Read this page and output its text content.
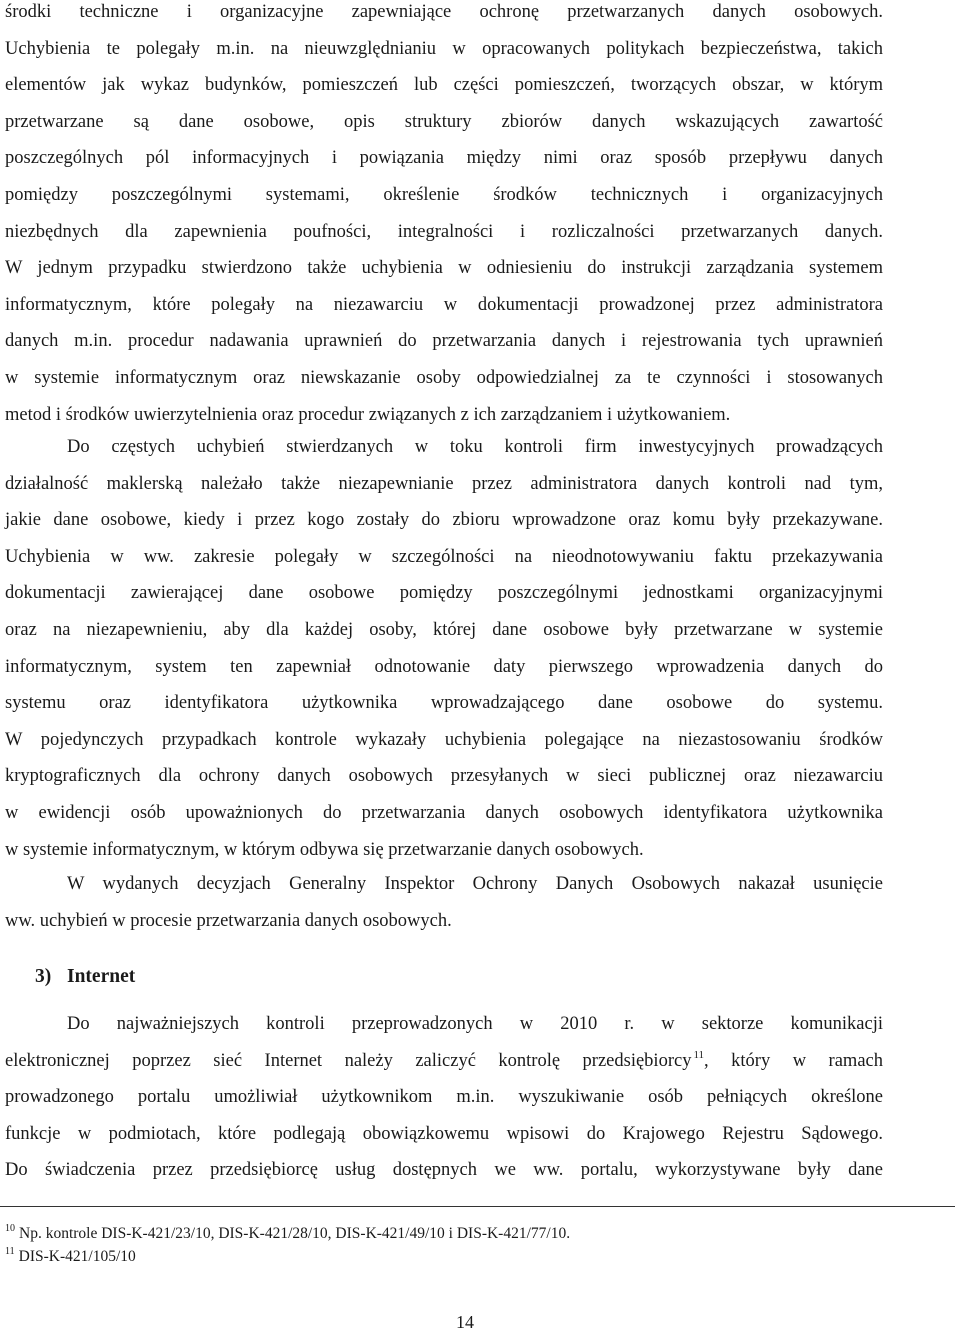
środki techniczne i organizacyjne zapewniające ochronę przetwarzanych danych osobowych.
Uchybienia te polegały m.in. na nieuwzględnianiu w opracowanych politykach bezpieczeństwa, takich
elementów jak wykaz budynków, pomieszczeń lub części pomieszczeń, tworzących obszar, w którym
przetwarzane są dane osobowe, opis struktury zbiorów danych wskazujących zawartość
poszczególnych pól informacyjnych i powiązania między nimi oraz sposób przepływu danych
pomiędzy poszczególnymi systemami, określenie środków technicznych i organizacyjnych
niezbędnych dla zapewnienia poufności, integralności i rozliczalności przetwarzanych danych.
W jednym przypadku stwierdzono także uchybienia w odniesieniu do instrukcji zarządzania systemem
informatycznym, które polegały na niezawarciu w dokumentacji prowadzonej przez administratora
danych m.in. procedur nadawania uprawnień do przetwarzania danych i rejestrowania tych uprawnień
w systemie informatycznym oraz niewskazanie osoby odpowiedzialnej za te czynności i stosowanych
metod i środków uwierzytelnienia oraz procedur związanych z ich zarządzaniem i użytkowaniem.
Do częstych uchybień stwierdzanych w toku kontroli firm inwestycyjnych prowadzących
działalność maklerską należało także niezapewnianie przez administratora danych kontroli nad tym,
jakie dane osobowe, kiedy i przez kogo zostały do zbioru wprowadzone oraz komu były przekazywane.
Uchybienia w ww. zakresie polegały w szczególności na nieodnotowywaniu faktu przekazywania
dokumentacji zawierającej dane osobowe pomiędzy poszczególnymi jednostkami organizacyjnymi
oraz na niezapewnieniu, aby dla każdej osoby, której dane osobowe były przetwarzane w systemie
informatycznym, system ten zapewniał odnotowanie daty pierwszego wprowadzenia danych do
systemu oraz identyfikatora użytkownika wprowadzającego dane osobowe do systemu.
W pojedynczych przypadkach kontrole wykazały uchybienia polegające na niezastosowaniu środków
kryptograficznych dla ochrony danych osobowych przesyłanych w sieci publicznej oraz niezawarciu
w ewidencji osób upoważnionych do przetwarzania danych osobowych identyfikatora użytkownika
w systemie informatycznym, w którym odbywa się przetwarzanie danych osobowych.
W wydanych decyzjach Generalny Inspektor Ochrony Danych Osobowych nakazał usunięcie
ww. uchybień w procesie przetwarzania danych osobowych.
3) Internet
Do najważniejszych kontroli przeprowadzonych w 2010 r. w sektorze komunikacji
elektronicznej poprzez sieć Internet należy zaliczyć kontrolę przedsiębiorcy $^{11}$, który w ramach
prowadzonego portalu umożliwiał użytkownikom m.in. wyszukiwanie osób pełniących określone
funkcje w podmiotach, które podlegają obowiązkowemu wpisowi do Krajowego Rejestru Sądowego.
Do świadczenia przez przedsiębiorcę usług dostępnych we ww. portalu, wykorzystywane były dane
$^{10}$ Np. kontrole DIS-K-421/23/10, DIS-K-421/28/10, DIS-K-421/49/10 i DIS-K-421/77/10.
$^{11}$ DIS-K-421/105/10
14
